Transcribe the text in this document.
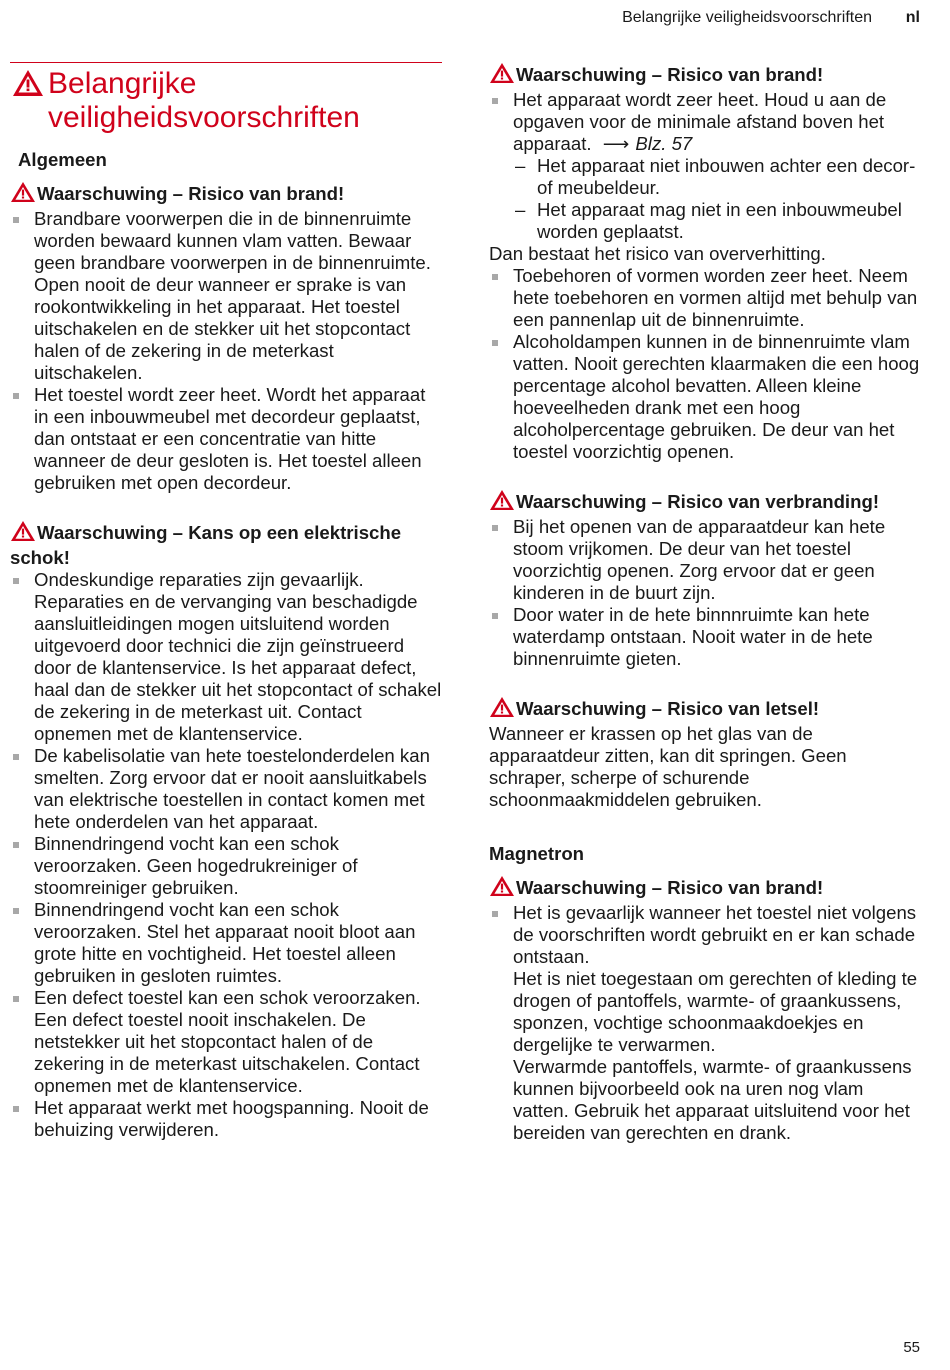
Belangrijke veiligheidsvoorschriften nl
Belangrijke
veiligheidsvoorschriften
Algemeen
Waarschuwing – Risico van brand!
Brandbare voorwerpen die in de binnenruimte worden bewaard kunnen vlam vatten. Bewaar geen brandbare voorwerpen in de binnenruimte. Open nooit de deur wanneer er sprake is van rookontwikkeling in het apparaat. Het toestel uitschakelen en de stekker uit het stopcontact halen of de zekering in de meterkast uitschakelen.
Het toestel wordt zeer heet. Wordt het apparaat in een inbouwmeubel met decordeur geplaatst, dan ontstaat er een concentratie van hitte wanneer de deur gesloten is. Het toestel alleen gebruiken met open decordeur.
Waarschuwing – Kans op een elektrische schok!
Ondeskundige reparaties zijn gevaarlijk. Reparaties en de vervanging van beschadigde aansluitleidingen mogen uitsluitend worden uitgevoerd door technici die zijn geïnstrueerd door de klantenservice. Is het apparaat defect, haal dan de stekker uit het stopcontact of schakel de zekering in de meterkast uit. Contact opnemen met de klantenservice.
De kabelisolatie van hete toestelonderdelen kan smelten. Zorg ervoor dat er nooit aansluitkabels van elektrische toestellen in contact komen met hete onderdelen van het apparaat.
Binnendringend vocht kan een schok veroorzaken. Geen hogedrukreiniger of stoomreiniger gebruiken.
Binnendringend vocht kan een schok veroorzaken. Stel het apparaat nooit bloot aan grote hitte en vochtigheid. Het toestel alleen gebruiken in gesloten ruimtes.
Een defect toestel kan een schok veroorzaken. Een defect toestel nooit inschakelen. De netstekker uit het stopcontact halen of de zekering in de meterkast uitschakelen. Contact opnemen met de klantenservice.
Het apparaat werkt met hoogspanning. Nooit de behuizing verwijderen.
Waarschuwing – Risico van brand!
Het apparaat wordt zeer heet. Houd u aan de opgaven voor de minimale afstand boven het apparaat. ⟶ Blz. 57
– Het apparaat niet inbouwen achter een decor- of meubeldeur.
– Het apparaat mag niet in een inbouwmeubel worden geplaatst.
Dan bestaat het risico van oververhitting.
Toebehoren of vormen worden zeer heet. Neem hete toebehoren en vormen altijd met behulp van een pannenlap uit de binnenruimte.
Alcoholdampen kunnen in de binnenruimte vlam vatten. Nooit gerechten klaarmaken die een hoog percentage alcohol bevatten. Alleen kleine hoeveelheden drank met een hoog alcoholpercentage gebruiken. De deur van het toestel voorzichtig openen.
Waarschuwing – Risico van verbranding!
Bij het openen van de apparaatdeur kan hete stoom vrijkomen. De deur van het toestel voorzichtig openen. Zorg ervoor dat er geen kinderen in de buurt zijn.
Door water in de hete binnnruimte kan hete waterdamp ontstaan. Nooit water in de hete binnenruimte gieten.
Waarschuwing – Risico van letsel!
Wanneer er krassen op het glas van de apparaatdeur zitten, kan dit springen. Geen schraper, scherpe of schurende schoonmaakmiddelen gebruiken.
Magnetron
Waarschuwing – Risico van brand!
Het is gevaarlijk wanneer het toestel niet volgens de voorschriften wordt gebruikt en er kan schade ontstaan.
Het is niet toegestaan om gerechten of kleding te drogen of pantoffels, warmte- of graankussens, sponzen, vochtige schoonmaakdoekjes en dergelijke te verwarmen.
Verwarmde pantoffels, warmte- of graankussens kunnen bijvoorbeeld ook na uren nog vlam vatten. Gebruik het apparaat uitsluitend voor het bereiden van gerechten en drank.
55
